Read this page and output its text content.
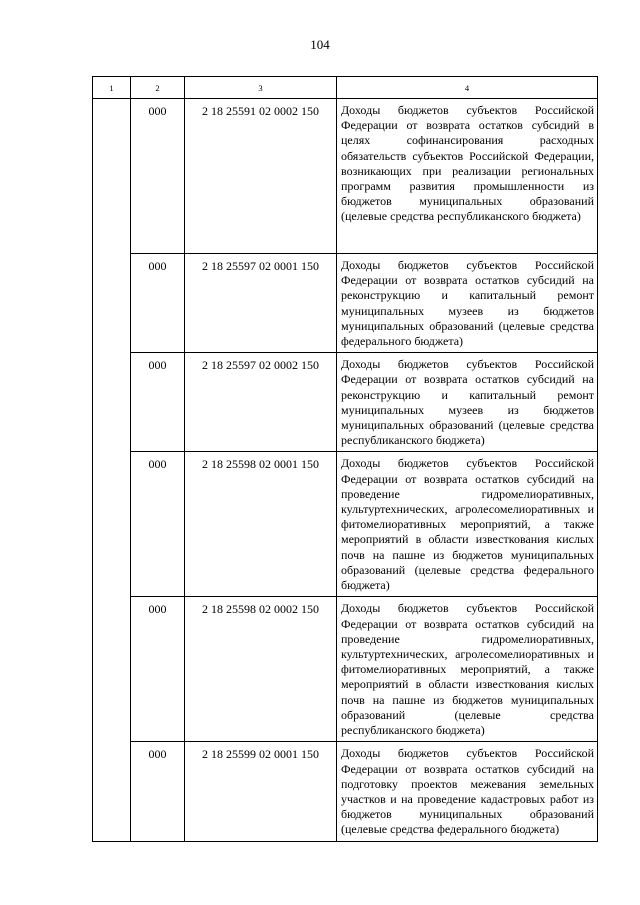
104
1	2	3	4
	000	2 18 25591 02 0002 150	Доходы бюджетов субъектов Российской Федерации от возврата остатков субсидий в целях софинансирования расходных обязательств субъектов Российской Федерации, возникающих при реализации региональных программ развития промышленности из бюджетов муниципальных образований (целевые средства республиканского бюджета)
	000	2 18 25597 02 0001 150	Доходы бюджетов субъектов Российской Федерации от возврата остатков субсидий на реконструкцию и капитальный ремонт муниципальных музеев из бюджетов муниципальных образований (целевые средства федерального бюджета)
	000	2 18 25597 02 0002 150	Доходы бюджетов субъектов Российской Федерации от возврата остатков субсидий на реконструкцию и капитальный ремонт муниципальных музеев из бюджетов муниципальных образований (целевые средства республиканского бюджета)
	000	2 18 25598 02 0001 150	Доходы бюджетов субъектов Российской Федерации от возврата остатков субсидий на проведение гидромелиоративных, культуртехнических, агролесомелиоративных и фитомелиоративных мероприятий, а также мероприятий в области известкования кислых почв на пашне из бюджетов муниципальных образований (целевые средства федерального бюджета)
	000	2 18 25598 02 0002 150	Доходы бюджетов субъектов Российской Федерации от возврата остатков субсидий на проведение гидромелиоративных, культуртехнических, агролесомелиоративных и фитомелиоративных мероприятий, а также мероприятий в области известкования кислых почв на пашне из бюджетов муниципальных образований (целевые средства республиканского бюджета)
	000	2 18 25599 02 0001 150	Доходы бюджетов субъектов Российской Федерации от возврата остатков субсидий на подготовку проектов межевания земельных участков и на проведение кадастровых работ из бюджетов муниципальных образований (целевые средства федерального бюджета)
